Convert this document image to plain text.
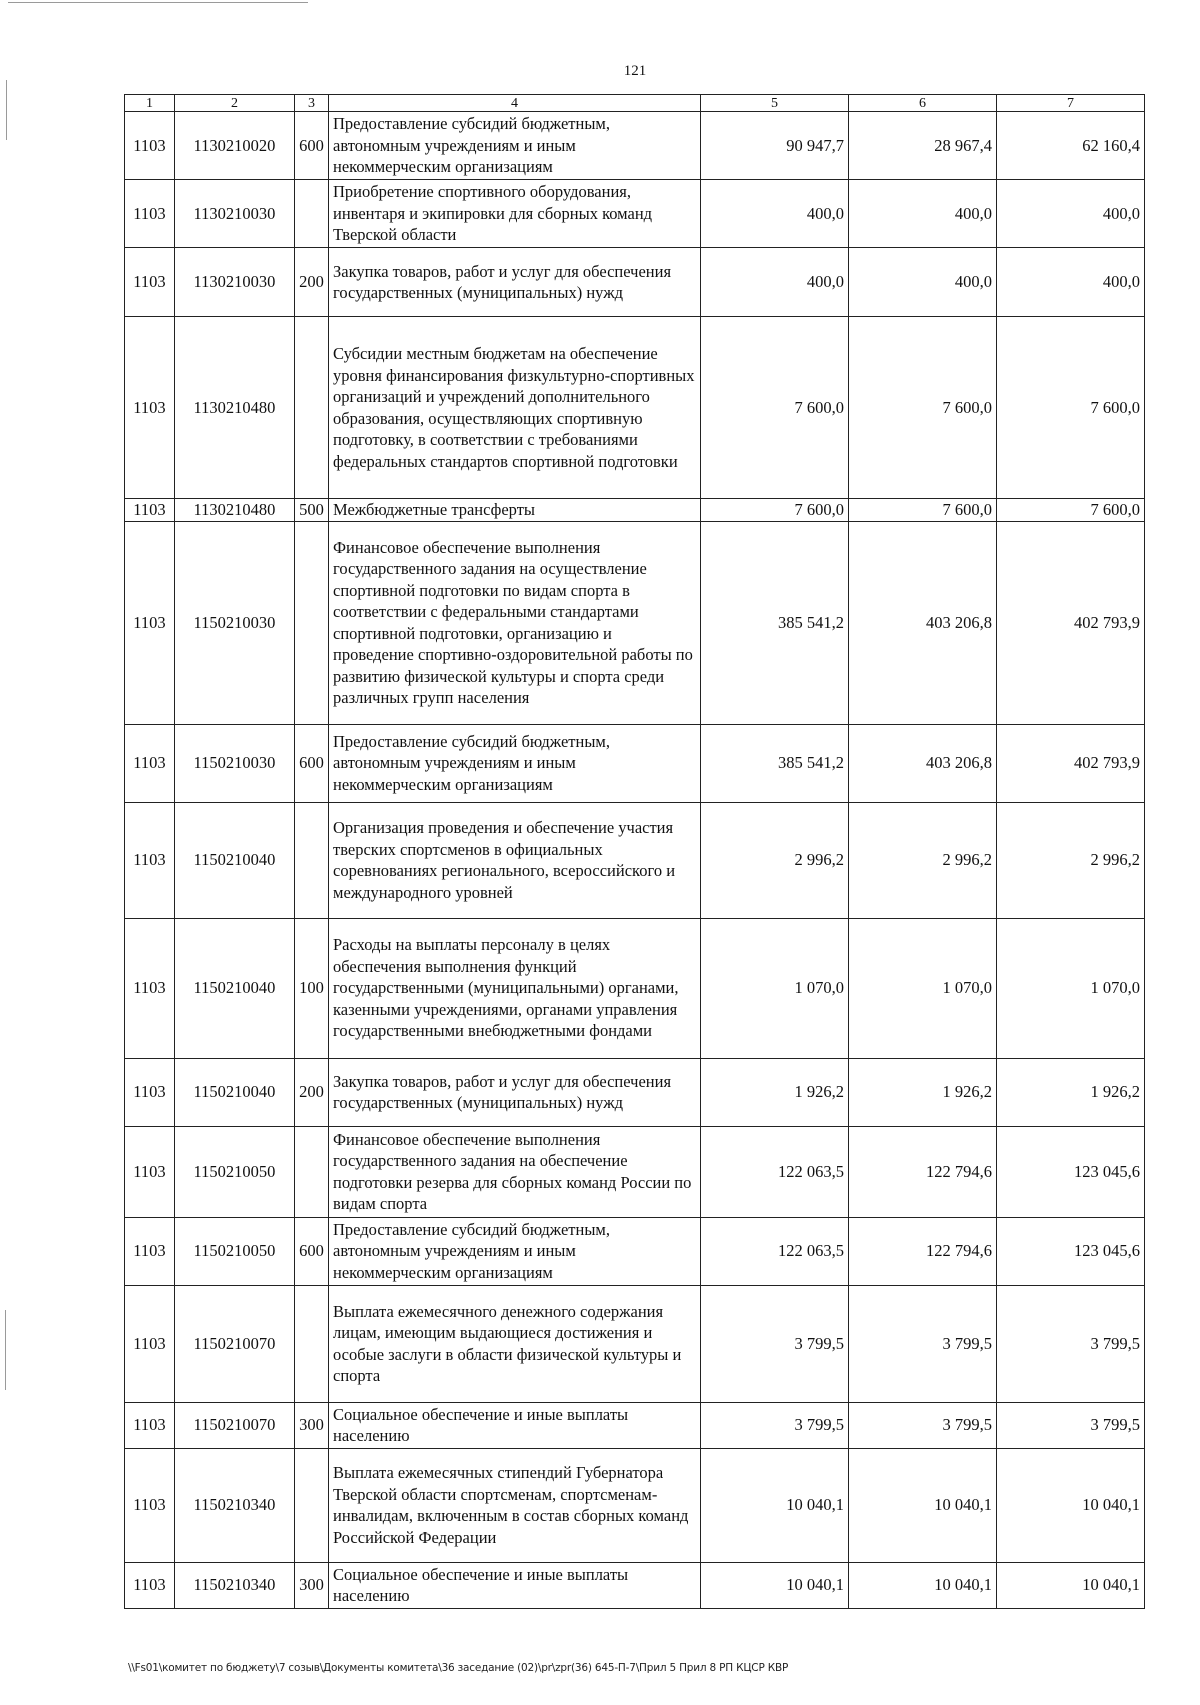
121
1	2	3	4	5	6	7
1103	1130210020	600	Предоставление субсидий бюджетным, автономным учреждениям и иным некоммерческим организациям	90 947,7	28 967,4	62 160,4
1103	1130210030		Приобретение спортивного оборудования, инвентаря и экипировки для сборных команд Тверской области	400,0	400,0	400,0
1103	1130210030	200	Закупка товаров, работ и услуг для обеспечения государственных (муниципальных) нужд	400,0	400,0	400,0
1103	1130210480		Субсидии местным бюджетам на обеспечение уровня финансирования физкультурно-спортивных организаций и учреждений дополнительного образования, осуществляющих спортивную подготовку, в соответствии с требованиями федеральных стандартов спортивной подготовки	7 600,0	7 600,0	7 600,0
1103	1130210480	500	Межбюджетные трансферты	7 600,0	7 600,0	7 600,0
1103	1150210030		Финансовое обеспечение выполнения государственного задания на осуществление спортивной подготовки по видам спорта в соответствии с федеральными стандартами спортивной подготовки, организацию и проведение спортивно-оздоровительной работы по развитию физической культуры и спорта среди различных групп населения	385 541,2	403 206,8	402 793,9
1103	1150210030	600	Предоставление субсидий бюджетным, автономным учреждениям и иным некоммерческим организациям	385 541,2	403 206,8	402 793,9
1103	1150210040		Организация проведения и обеспечение участия тверских спортсменов в официальных соревнованиях регионального, всероссийского и международного уровней	2 996,2	2 996,2	2 996,2
1103	1150210040	100	Расходы на выплаты персоналу в целях обеспечения выполнения функций государственными (муниципальными) органами, казенными учреждениями, органами управления государственными внебюджетными фондами	1 070,0	1 070,0	1 070,0
1103	1150210040	200	Закупка товаров, работ и услуг для обеспечения государственных (муниципальных) нужд	1 926,2	1 926,2	1 926,2
1103	1150210050		Финансовое обеспечение выполнения государственного задания на обеспечение подготовки резерва для сборных команд России по видам спорта	122 063,5	122 794,6	123 045,6
1103	1150210050	600	Предоставление субсидий бюджетным, автономным учреждениям и иным некоммерческим организациям	122 063,5	122 794,6	123 045,6
1103	1150210070		Выплата ежемесячного денежного содержания лицам, имеющим выдающиеся достижения и особые заслуги в области физической культуры и спорта	3 799,5	3 799,5	3 799,5
1103	1150210070	300	Социальное обеспечение и иные выплаты населению	3 799,5	3 799,5	3 799,5
1103	1150210340		Выплата ежемесячных стипендий Губернатора Тверской области спортсменам, спортсменам-инвалидам, включенным в состав сборных команд Российской Федерации	10 040,1	10 040,1	10 040,1
1103	1150210340	300	Социальное обеспечение и иные выплаты населению	10 040,1	10 040,1	10 040,1
\\Fs01\комитет по бюджету\7 созыв\Документы комитета\36 заседание (02)\pr\zpr(36) 645-П-7\Прил 5 Прил 8 РП КЦСР КВР
